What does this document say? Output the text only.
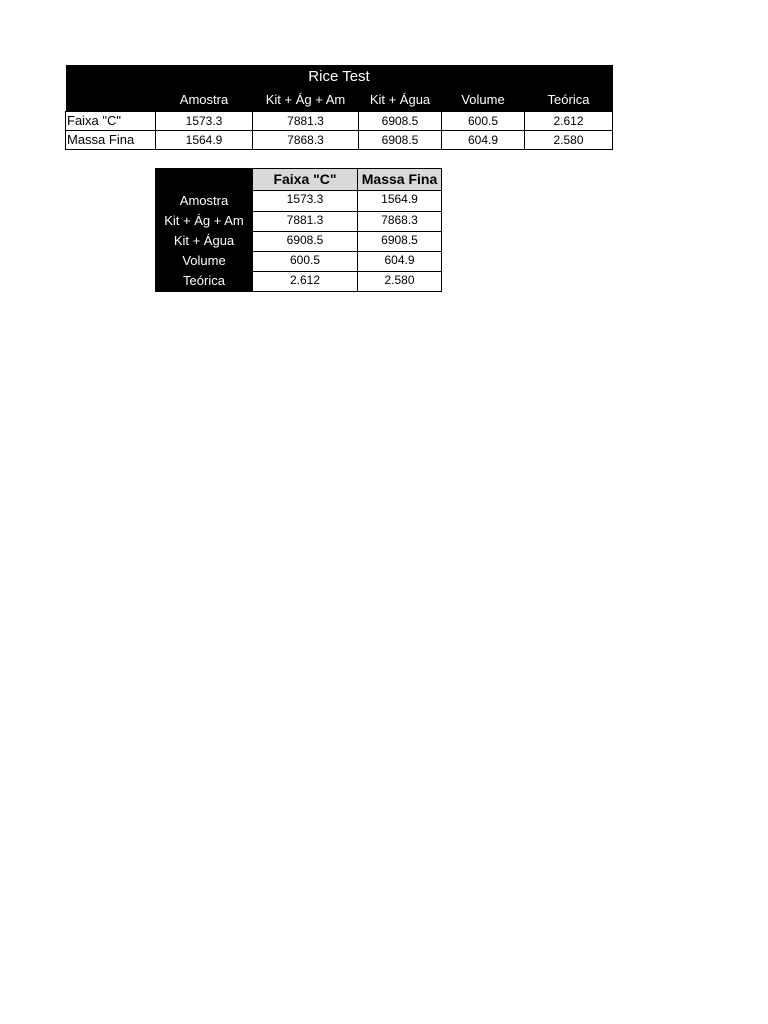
Rice Test					
	Amostra	Kit + Ág + Am	Kit + Água	Volume	Teórica
Faixa "C"	1573.3	7881.3	6908.5	600.5	2.612
Massa Fina	1564.9	7868.3	6908.5	604.9	2.580
	Faixa "C"	Massa Fina
Amostra	1573.3	1564.9
Kit + Ág + Am	7881.3	7868.3
Kit + Água	6908.5	6908.5
Volume	600.5	604.9
Teórica	2.612	2.580
